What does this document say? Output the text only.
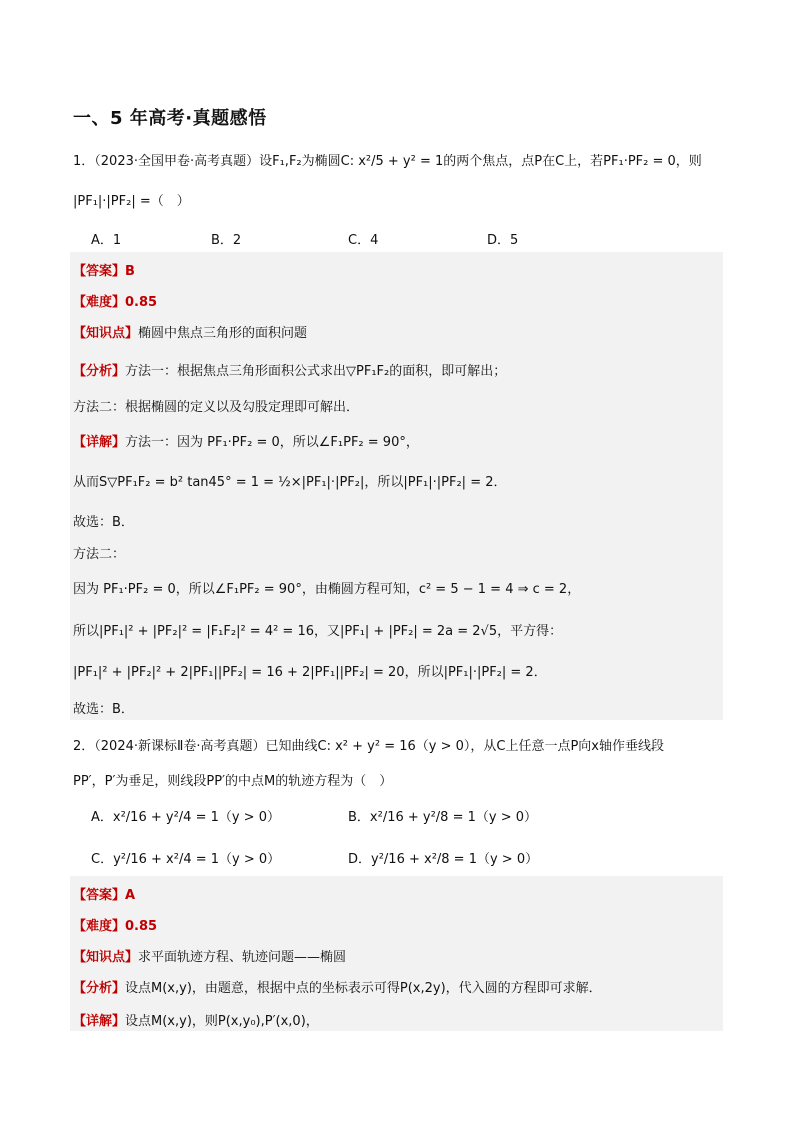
一、5 年高考·真题感悟
1．（2023·全国甲卷·高考真题）设F₁,F₂为椭圆C: x²/5 + y² = 1的两个焦点，点P在C上，若PF₁·PF₂ = 0，则
|PF₁|·|PF₂| =（　）
A．1	B．2	C．4	D．5
【答案】B
【难度】0.85
【知识点】椭圆中焦点三角形的面积问题
【分析】方法一：根据焦点三角形面积公式求出▽PF₁F₂的面积，即可解出；
方法二：根据椭圆的定义以及勾股定理即可解出．
【详解】方法一：因为 PF₁·PF₂ = 0，所以∠F₁PF₂ = 90°，
从而S▽PF₁F₂ = b² tan45° = 1 = ½×|PF₁|·|PF₂|，所以|PF₁|·|PF₂| = 2．
故选：B．
方法二：
因为 PF₁·PF₂ = 0，所以∠F₁PF₂ = 90°，由椭圆方程可知，c² = 5 − 1 = 4 ⇒ c = 2，
所以|PF₁|² + |PF₂|² = |F₁F₂|² = 4² = 16，又|PF₁| + |PF₂| = 2a = 2√5，平方得：
|PF₁|² + |PF₂|² + 2|PF₁||PF₂| = 16 + 2|PF₁||PF₂| = 20，所以|PF₁|·|PF₂| = 2．
故选：B．
2．（2024·新课标Ⅱ卷·高考真题）已知曲线C: x² + y² = 16（y > 0），从C上任意一点P向x轴作垂线段
PP′，P′为垂足，则线段PP′的中点M的轨迹方程为（　）
A．x²/16 + y²/4 = 1（y > 0）	B．x²/16 + y²/8 = 1（y > 0）
C．y²/16 + x²/4 = 1（y > 0）	D．y²/16 + x²/8 = 1（y > 0）
【答案】A
【难度】0.85
【知识点】求平面轨迹方程、轨迹问题——椭圆
【分析】设点M(x,y)，由题意，根据中点的坐标表示可得P(x,2y)，代入圆的方程即可求解．
【详解】设点M(x,y)，则P(x,y₀),P′(x,0)，
